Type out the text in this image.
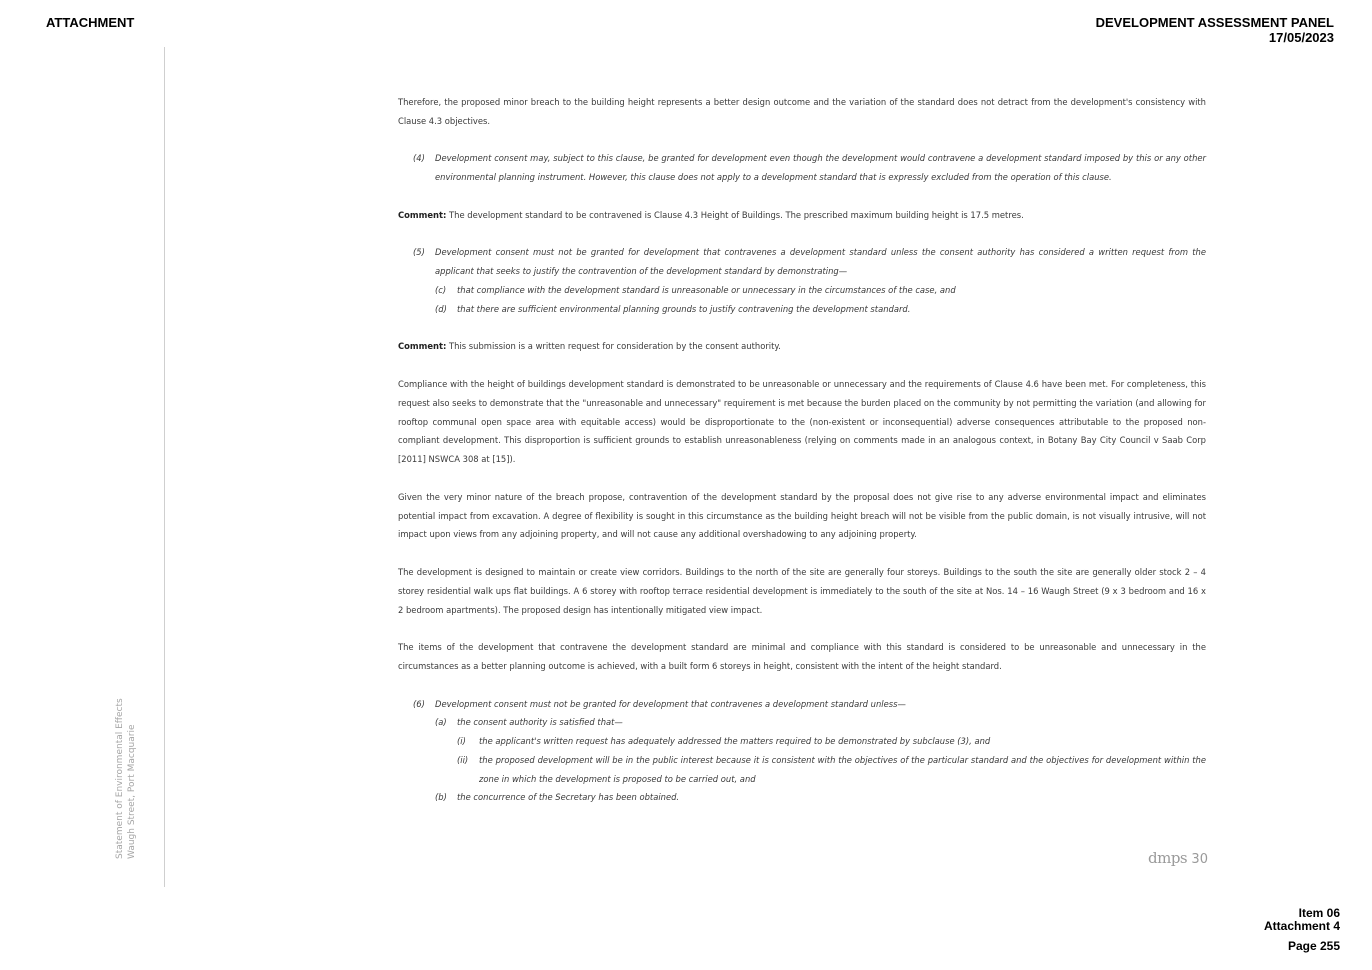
ATTACHMENT	DEVELOPMENT ASSESSMENT PANEL
17/05/2023
Statement of Environmental Effects Waugh Street, Port Macquarie

Therefore, the proposed minor breach to the building height represents a better design outcome and the variation of the standard does not detract from the development's consistency with Clause 4.3 objectives.

(4)	Development consent may, subject to this clause, be granted for development even though the development would contravene a development standard imposed by this or any other environmental planning instrument. However, this clause does not apply to a development standard that is expressly excluded from the operation of this clause.

Comment: The development standard to be contravened is Clause 4.3 Height of Buildings. The prescribed maximum building height is 17.5 metres.

(5)	Development consent must not be granted for development that contravenes a development standard unless the consent authority has considered a written request from the applicant that seeks to justify the contravention of the development standard by demonstrating—
(c)	that compliance with the development standard is unreasonable or unnecessary in the circumstances of the case, and
(d)	that there are sufficient environmental planning grounds to justify contravening the development standard.

Comment: This submission is a written request for consideration by the consent authority.

Compliance with the height of buildings development standard is demonstrated to be unreasonable or unnecessary and the requirements of Clause 4.6 have been met. For completeness, this request also seeks to demonstrate that the "unreasonable and unnecessary" requirement is met because the burden placed on the community by not permitting the variation (and allowing for rooftop communal open space area with equitable access) would be disproportionate to the (non-existent or inconsequential) adverse consequences attributable to the proposed non-compliant development. This disproportion is sufficient grounds to establish unreasonableness (relying on comments made in an analogous context, in Botany Bay City Council v Saab Corp [2011] NSWCA 308 at [15]).

Given the very minor nature of the breach propose, contravention of the development standard by the proposal does not give rise to any adverse environmental impact and eliminates potential impact from excavation. A degree of flexibility is sought in this circumstance as the building height breach will not be visible from the public domain, is not visually intrusive, will not impact upon views from any adjoining property, and will not cause any additional overshadowing to any adjoining property.

The development is designed to maintain or create view corridors. Buildings to the north of the site are generally four storeys. Buildings to the south the site are generally older stock 2 – 4 storey residential walk ups flat buildings. A 6 storey with rooftop terrace residential development is immediately to the south of the site at Nos. 14 – 16 Waugh Street (9 x 3 bedroom and 16 x 2 bedroom apartments). The proposed design has intentionally mitigated view impact.

The items of the development that contravene the development standard are minimal and compliance with this standard is considered to be unreasonable and unnecessary in the circumstances as a better planning outcome is achieved, with a built form 6 storeys in height, consistent with the intent of the height standard.

(6)	Development consent must not be granted for development that contravenes a development standard unless—
(a)	the consent authority is satisfied that—
(i)	the applicant's written request has adequately addressed the matters required to be demonstrated by subclause (3), and
(ii)	the proposed development will be in the public interest because it is consistent with the objectives of the particular standard and the objectives for development within the zone in which the development is proposed to be carried out, and
(b)	the concurrence of the Secretary has been obtained.
dmps 30
Item 06
Attachment 4
Page 255
